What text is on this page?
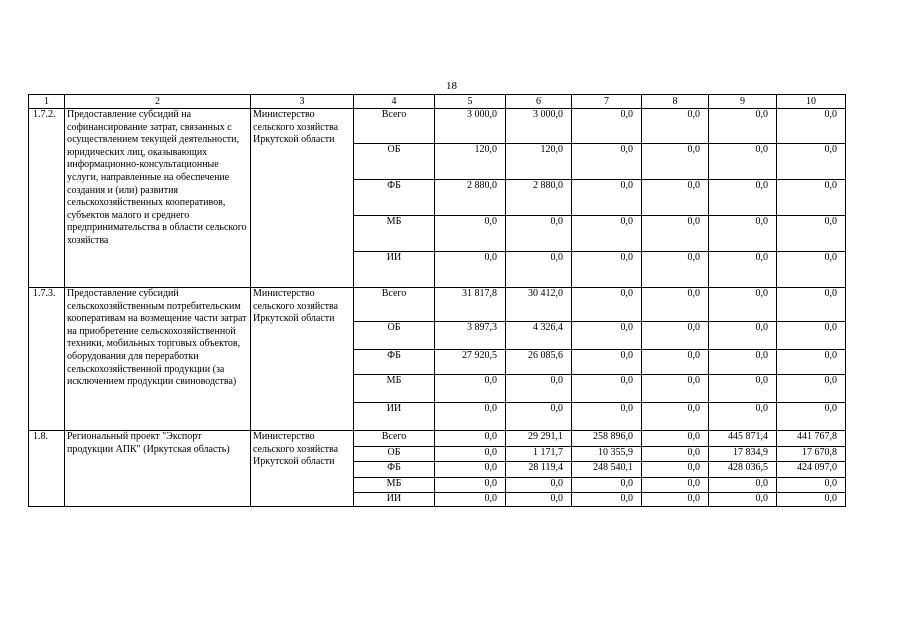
18
1	2	3	4	5	6	7	8	9	10
1.7.2.	Предоставление субсидий на софинансирование затрат, связанных с осуществлением текущей деятельности, юридических лиц, оказывающих информационно-консультационные услуги, направленные на обеспечение создания и (или) развития сельскохозяйственных кооперативов, субъектов малого и среднего предпринимательства в области сельского хозяйства	Министерство сельского хозяйства Иркутской области	Всего	3 000,0	3 000,0	0,0	0,0	0,0	0,0
			ОБ	120,0	120,0	0,0	0,0	0,0	0,0
			ФБ	2 880,0	2 880,0	0,0	0,0	0,0	0,0
			МБ	0,0	0,0	0,0	0,0	0,0	0,0
			ИИ	0,0	0,0	0,0	0,0	0,0	0,0
1.7.3.	Предоставление субсидий сельскохозяйственным потребительским кооперативам на возмещение части затрат на приобретение сельскохозяйственной техники, мобильных торговых объектов, оборудования для переработки сельскохозяйственной продукции (за исключением продукции свиноводства)	Министерство сельского хозяйства Иркутской области	Всего	31 817,8	30 412,0	0,0	0,0	0,0	0,0
			ОБ	3 897,3	4 326,4	0,0	0,0	0,0	0,0
			ФБ	27 920,5	26 085,6	0,0	0,0	0,0	0,0
			МБ	0,0	0,0	0,0	0,0	0,0	0,0
			ИИ	0,0	0,0	0,0	0,0	0,0	0,0
1.8.	Региональный проект "Экспорт продукции АПК" (Иркутская область)	Министерство сельского хозяйства Иркутской области	Всего	0,0	29 291,1	258 896,0	0,0	445 871,4	441 767,8
			ОБ	0,0	1 171,7	10 355,9	0,0	17 834,9	17 670,8
			ФБ	0,0	28 119,4	248 540,1	0,0	428 036,5	424 097,0
			МБ	0,0	0,0	0,0	0,0	0,0	0,0
			ИИ	0,0	0,0	0,0	0,0	0,0	0,0
